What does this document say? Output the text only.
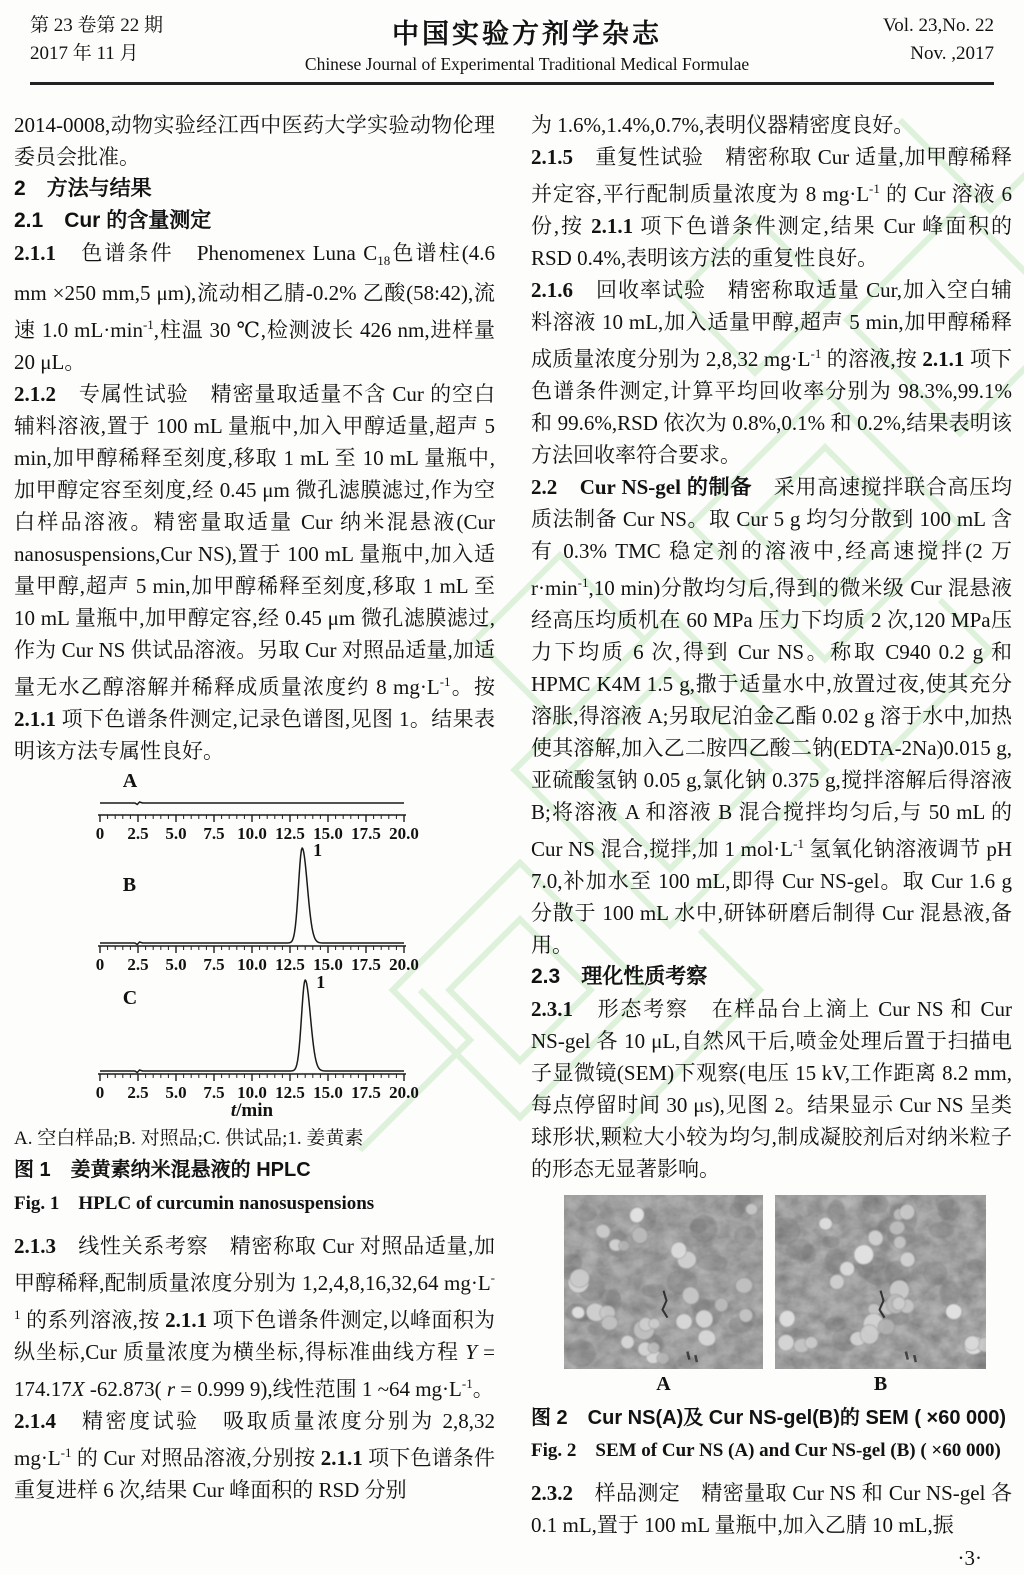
第 23 卷第 22 期
2017 年 11 月
中国实验方剂学杂志
Chinese Journal of Experimental Traditional Medical Formulae
Vol. 23,No. 22
Nov. ,2017
2014-0008,动物实验经江西中医药大学实验动物伦理委员会批准。
2　方法与结果
2.1　Cur 的含量测定
2.1.1　色谱条件　Phenomenex Luna $C_{18}$色谱柱(4.6 mm ×250 mm,5 μm),流动相乙腈-0.2% 乙酸(58:42),流速 1.0 $mL\cdot\min^{-1}$,柱温 30 ℃,检测波长 426 nm,进样量 20 μL。
2.1.2　专属性试验　精密量取适量不含 Cur 的空白辅料溶液,置于 100 mL 量瓶中,加入甲醇适量,超声 5 min,加甲醇稀释至刻度,移取 1 mL 至 10 mL 量瓶中,加甲醇定容至刻度,经 0.45 μm 微孔滤膜滤过,作为空白样品溶液。精密量取适量 Cur 纳米混悬液(Cur nanosuspensions,Cur NS),置于 100 mL 量瓶中,加入适量甲醇,超声 5 min,加甲醇稀释至刻度,移取 1 mL 至 10 mL 量瓶中,加甲醇定容,经 0.45 μm 微孔滤膜滤过,作为 Cur NS 供试品溶液。另取 Cur 对照品适量,加适量无水乙醇溶解并稀释成质量浓度约 8 $mg\cdot L^{-1}$。按 2.1.1 项下色谱条件测定,记录色谱图,见图 1。结果表明该方法专属性良好。
0 2.5 5.0 7.5 10.0 12.5 15.0 17.5 20.0
A
0 2.5 5.0 7.5 10.0 12.5 15.0 17.5 20.0
B
1
0 2.5 5.0 7.5 10.0 12.5 15.0 17.5 20.0
C
1
t/min
A. 空白样品;B. 对照品;C. 供试品;1. 姜黄素
图 1　姜黄素纳米混悬液的 HPLC
Fig. 1　HPLC of curcumin nanosuspensions
2.1.3　线性关系考察　精密称取 Cur 对照品适量,加甲醇稀释,配制质量浓度分别为 1,2,4,8,16,32,64 $mg\cdot L^{-1}$ 的系列溶液,按 2.1.1 项下色谱条件测定,以峰面积为纵坐标,Cur 质量浓度为横坐标,得标准曲线方程 Y = 174.17X -62.873( r = 0.999 9),线性范围 1 ~64 $mg\cdot L^{-1}$。
2.1.4　精密度试验　吸取质量浓度分别为 2,8,32 $mg\cdot L^{-1}$ 的 Cur 对照品溶液,分别按 2.1.1 项下色谱条件重复进样 6 次,结果 Cur 峰面积的 RSD 分别
为 1.6%,1.4%,0.7%,表明仪器精密度良好。
2.1.5　重复性试验　精密称取 Cur 适量,加甲醇稀释并定容,平行配制质量浓度为 8 $mg\cdot L^{-1}$ 的 Cur 溶液 6 份,按 2.1.1 项下色谱条件测定,结果 Cur 峰面积的 RSD 0.4%,表明该方法的重复性良好。
2.1.6　回收率试验　精密称取适量 Cur,加入空白辅料溶液 10 mL,加入适量甲醇,超声 5 min,加甲醇稀释成质量浓度分别为 2,8,32 $mg\cdot L^{-1}$ 的溶液,按 2.1.1 项下色谱条件测定,计算平均回收率分别为 98.3%,99.1% 和 99.6%,RSD 依次为 0.8%,0.1% 和 0.2%,结果表明该方法回收率符合要求。
2.2　Cur NS-gel 的制备　采用高速搅拌联合高压均质法制备 Cur NS。取 Cur 5 g 均匀分散到 100 mL 含有 0.3% TMC 稳定剂的溶液中,经高速搅拌(2 万 $r\cdot\min^{-1},10$ min)分散均匀后,得到的微米级 Cur 混悬液经高压均质机在 60 MPa 压力下均质 2 次,120 MPa压力下均质 6 次,得到 Cur NS。称取 C940 0.2 g 和 HPMC K4M 1.5 g,撒于适量水中,放置过夜,使其充分溶胀,得溶液 A;另取尼泊金乙酯 0.02 g 溶于水中,加热使其溶解,加入乙二胺四乙酸二钠(EDTA-2Na)0.015 g,亚硫酸氢钠 0.05 g,氯化钠 0.375 g,搅拌溶解后得溶液 B;将溶液 A 和溶液 B 混合搅拌均匀后,与 50 mL 的 Cur NS 混合,搅拌,加 1 $mol\cdot L^{-1}$ 氢氧化钠溶液调节 pH 7.0,补加水至 100 mL,即得 Cur NS-gel。取 Cur 1.6 g 分散于 100 mL 水中,研钵研磨后制得 Cur 混悬液,备用。
2.3　理化性质考察
2.3.1　形态考察　在样品台上滴上 Cur NS 和 Cur NS-gel 各 10 μL,自然风干后,喷金处理后置于扫描电子显微镜(SEM)下观察(电压 15 kV,工作距离 8.2 mm,每点停留时间 30 μs),见图 2。结果显示 Cur NS 呈类球形状,颗粒大小较为均匀,制成凝胶剂后对纳米粒子的形态无显著影响。
A	B
图 2　Cur NS(A)及 Cur NS-gel(B)的 SEM ( ×60 000)
Fig. 2　SEM of Cur NS (A) and Cur NS-gel (B) ( ×60 000)
2.3.2　样品测定　精密量取 Cur NS 和 Cur NS-gel 各 0.1 mL,置于 100 mL 量瓶中,加入乙腈 10 mL,振
·3·
